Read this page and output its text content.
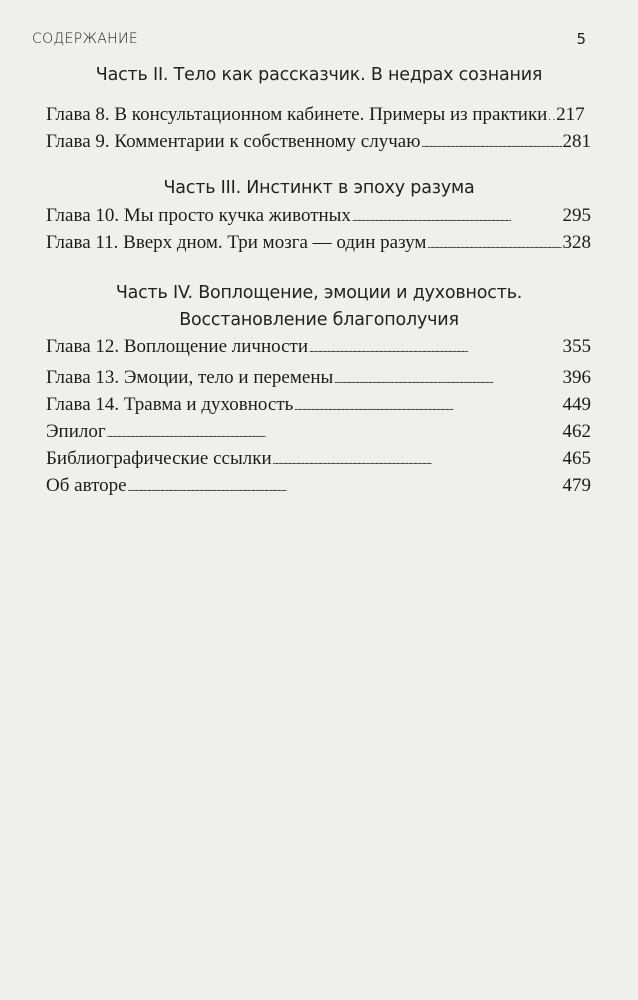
СОДЕРЖАНИЕ	5
Часть II. Тело как рассказчик. В недрах сознания
Глава 8. В консультационном кабинете. Примеры из практики . . 217
Глава 9. Комментарии к собственному случаю . . .	281
Часть III. Инстинкт в эпоху разума
Глава 10. Мы просто кучка животных . . .	295
Глава 11. Вверх дном. Три мозга — один разум . . .	328
Часть IV. Воплощение, эмоции и духовность.
Восстановление благополучия
Глава 12. Воплощение личности . . .	355
Глава 13. Эмоции, тело и перемены . . .	396
Глава 14. Травма и духовность . . .	449
Эпилог . . .	462
Библиографические ссылки . . .	465
Об авторе . . .	479
